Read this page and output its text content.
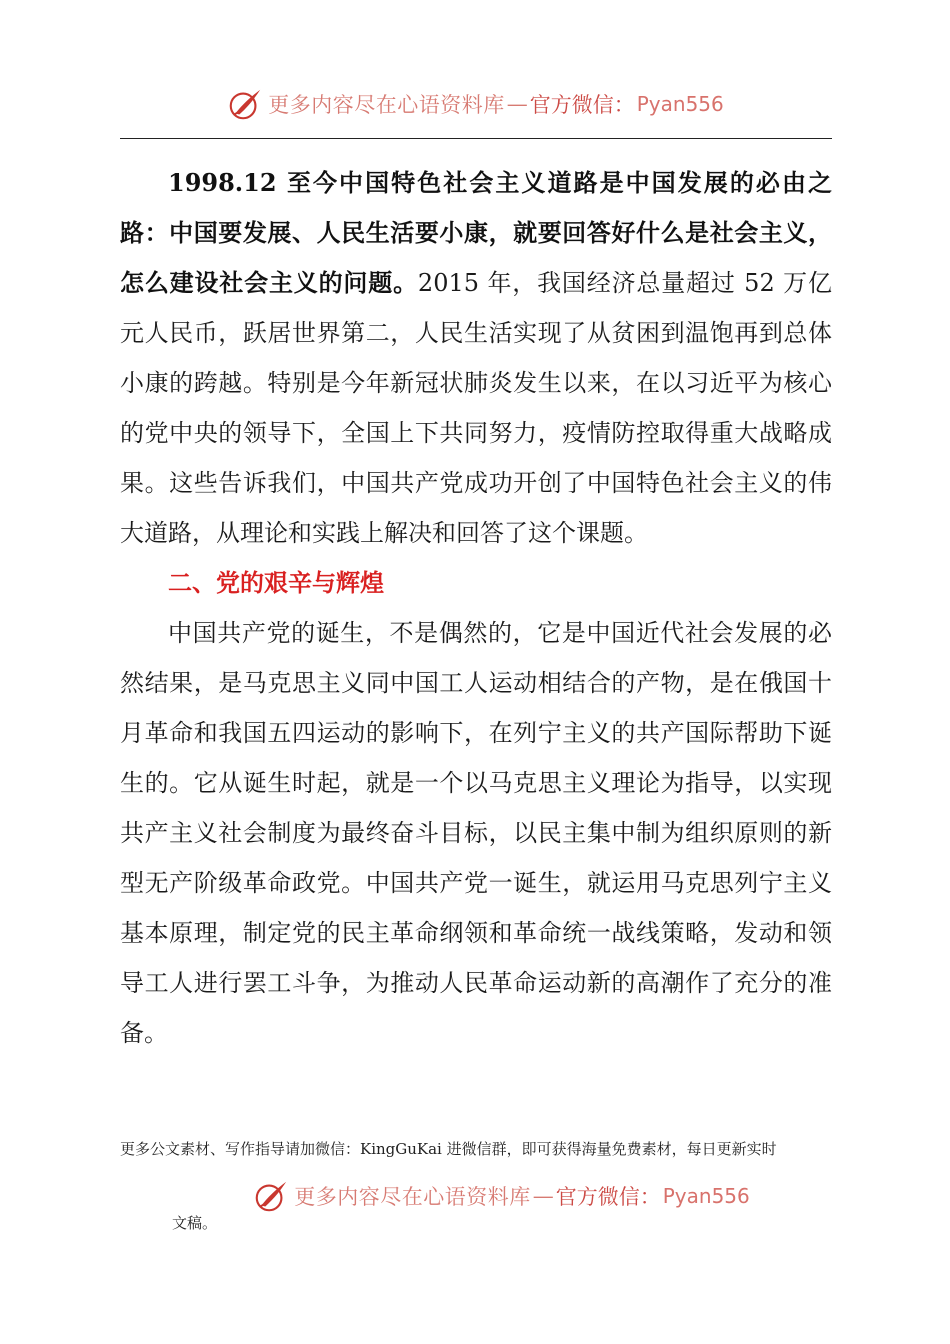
更多内容尽在心语资料库 — 官方微信： Pyan556

1998.12 至今中国特色社会主义道路是中国发展的必由之路：中国要发展、人民生活要小康，就要回答好什么是社会主义，怎么建设社会主义的问题。2015 年，我国经济总量超过 52 万亿元人民币，跃居世界第二，人民生活实现了从贫困到温饱再到总体小康的跨越。特别是今年新冠状肺炎发生以来，在以习近平为核心的党中央的领导下，全国上下共同努力，疫情防控取得重大战略成果。这些告诉我们，中国共产党成功开创了中国特色社会主义的伟大道路，从理论和实践上解决和回答了这个课题。

二、党的艰辛与辉煌

中国共产党的诞生，不是偶然的，它是中国近代社会发展的必然结果，是马克思主义同中国工人运动相结合的产物，是在俄国十月革命和我国五四运动的影响下，在列宁主义的共产国际帮助下诞生的。它从诞生时起，就是一个以马克思主义理论为指导，以实现共产主义社会制度为最终奋斗目标，以民主集中制为组织原则的新型无产阶级革命政党。中国共产党一诞生，就运用马克思列宁主义基本原理，制定党的民主革命纲领和革命统一战线策略，发动和领导工人进行罢工斗争，为推动人民革命运动新的高潮作了充分的准备。

更多公文素材、写作指导请加微信：KingGuKai 进微信群，即可获得海量免费素材，每日更新实时
更多内容尽在心语资料库 — 官方微信： Pyan556
文稿。
